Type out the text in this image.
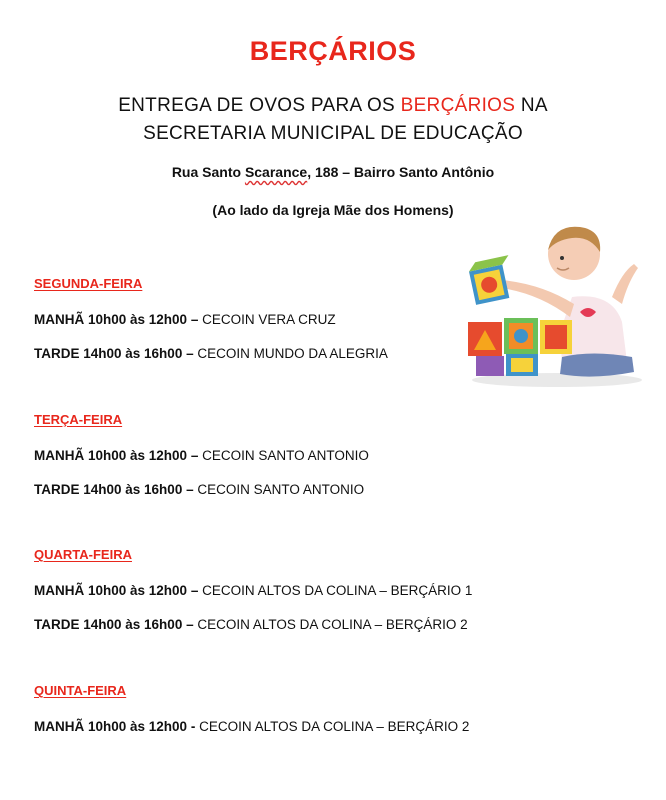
BERÇÁRIOS
ENTREGA DE OVOS PARA OS BERÇÁRIOS NA
SECRETARIA MUNICIPAL DE EDUCAÇÃO
Rua Santo Scarance, 188 – Bairro Santo Antônio
(Ao lado da Igreja Mãe dos Homens)
SEGUNDA-FEIRA
MANHÃ 10h00 às 12h00 – CECOIN VERA CRUZ
TARDE 14h00 às 16h00 – CECOIN MUNDO DA ALEGRIA
TERÇA-FEIRA
MANHÃ 10h00 às 12h00 – CECOIN SANTO ANTONIO
TARDE 14h00 às 16h00 – CECOIN SANTO ANTONIO
QUARTA-FEIRA
MANHÃ 10h00 às 12h00 – CECOIN ALTOS DA COLINA – BERÇÁRIO 1
TARDE 14h00 às 16h00 – CECOIN ALTOS DA COLINA – BERÇÁRIO 2
QUINTA-FEIRA
MANHÃ 10h00 às 12h00 - CECOIN ALTOS DA COLINA – BERÇÁRIO 2
